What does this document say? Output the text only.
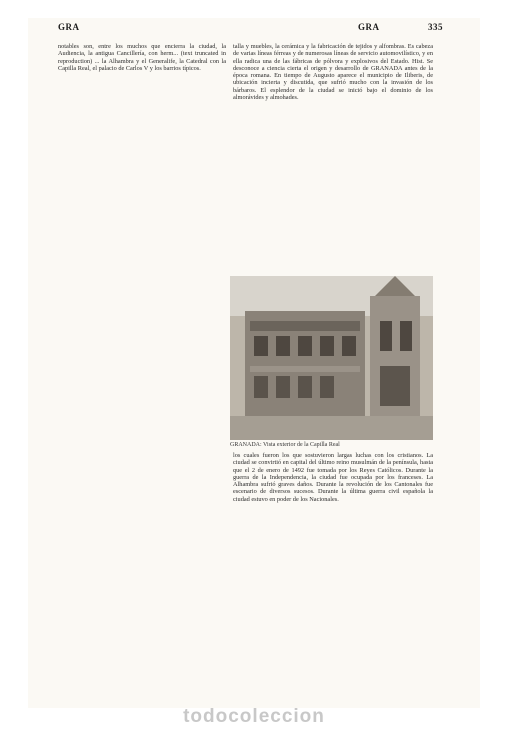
GRA	GRA	335

notables son, entre los muchos que encierra la ciudad, la Audiencia, la antigua Cancillería, con herm... (text truncated in reproduction) ... la Alhambra y el Generalife, la Catedral con la Capilla Real, el palacio de Carlos V y los barrios típicos.

talla y muebles, la cerámica y la fabricación de tejidos y alfombras. Es cabeza de varias líneas férreas y de numerosas líneas de servicio automovilístico, y en ella radica una de las fábricas de pólvora y explosivos del Estado. Hist. Se desconoce a ciencia cierta el origen y desarrollo de GRANADA antes de la época romana. En tiempo de Augusto aparece el municipio de Iliberis, de ubicación incierta y discutida, que sufrió mucho con la invasión de los bárbaros. El esplendor de la ciudad se inició bajo el dominio de los almorávides y almohades.

GRANADA: Vista exterior de la Capilla Real

los cuales fueron los que sostuvieron largas luchas con los cristianos. La ciudad se convirtió en capital del último reino musulmán de la península, hasta que el 2 de enero de 1492 fue tomada por los Reyes Católicos. Durante la guerra de la Independencia, la ciudad fue ocupada por los franceses. La Alhambra sufrió graves daños. Durante la revolución de los Cantonales fue escenario de diversos sucesos. Durante la última guerra civil española la ciudad estuvo en poder de los Nacionales.

todocoleccion
